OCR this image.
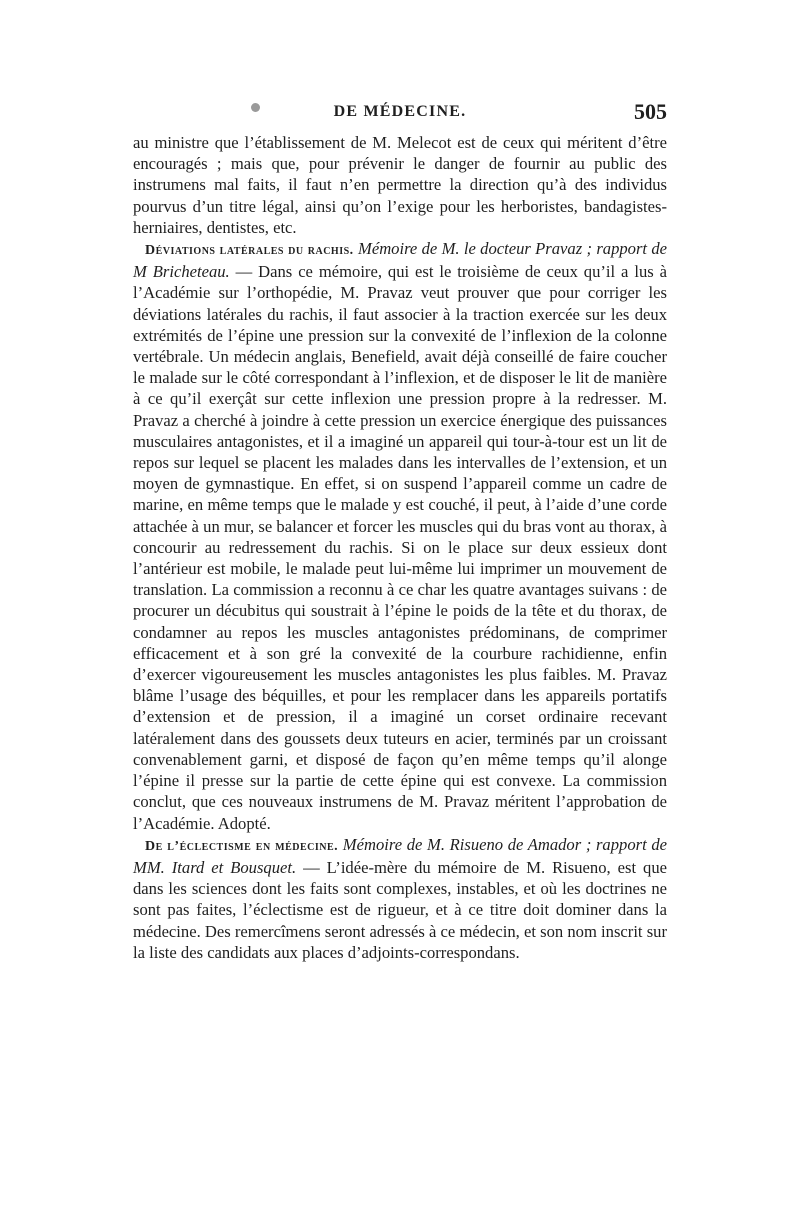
DE MÉDECINE.	505

au ministre que l’établissement de M. Melecot est de ceux qui méritent d’être encouragés ; mais que, pour prévenir le danger de fournir au public des instrumens mal faits, il faut n’en permettre la direction qu’à des individus pourvus d’un titre légal, ainsi qu’on l’exige pour les herboristes, bandagistes-herniaires, dentistes, etc.

Déviations latérales du rachis. Mémoire de M. le docteur Pravaz ; rapport de M Bricheteau. — Dans ce mémoire, qui est le troisième de ceux qu’il a lus à l’Académie sur l’orthopédie, M. Pravaz veut prouver que pour corriger les déviations latérales du rachis, il faut associer à la traction exercée sur les deux extrémités de l’épine une pression sur la convexité de l’inflexion de la colonne vertébrale. Un médecin anglais, Benefield, avait déjà conseillé de faire coucher le malade sur le côté correspondant à l’inflexion, et de disposer le lit de manière à ce qu’il exerçât sur cette inflexion une pression propre à la redresser. M. Pravaz a cherché à joindre à cette pression un exercice énergique des puissances musculaires antagonistes, et il a imaginé un appareil qui tour-à-tour est un lit de repos sur lequel se placent les malades dans les intervalles de l’extension, et un moyen de gymnastique. En effet, si on suspend l’appareil comme un cadre de marine, en même temps que le malade y est couché, il peut, à l’aide d’une corde attachée à un mur, se balancer et forcer les muscles qui du bras vont au thorax, à concourir au redressement du rachis. Si on le place sur deux essieux dont l’antérieur est mobile, le malade peut lui-même lui imprimer un mouvement de translation. La commission a reconnu à ce char les quatre avantages suivans : de procurer un décubitus qui soustrait à l’épine le poids de la tête et du thorax, de condamner au repos les muscles antagonistes prédominans, de comprimer efficacement et à son gré la convexité de la courbure rachidienne, enfin d’exercer vigoureusement les muscles antagonistes les plus faibles. M. Pravaz blâme l’usage des béquilles, et pour les remplacer dans les appareils portatifs d’extension et de pression, il a imaginé un corset ordinaire recevant latéralement dans des goussets deux tuteurs en acier, terminés par un croissant convenablement garni, et disposé de façon qu’en même temps qu’il alonge l’épine il presse sur la partie de cette épine qui est convexe. La commission conclut, que ces nouveaux instrumens de M. Pravaz méritent l’approbation de l’Académie. Adopté.

De l’éclectisme en médecine. Mémoire de M. Risueno de Amador ; rapport de MM. Itard et Bousquet. — L’idée-mère du mémoire de M. Risueno, est que dans les sciences dont les faits sont complexes, instables, et où les doctrines ne sont pas faites, l’éclectisme est de rigueur, et à ce titre doit dominer dans la médecine. Des remercîmens seront adressés à ce médecin, et son nom inscrit sur la liste des candidats aux places d’adjoints-correspondans.
